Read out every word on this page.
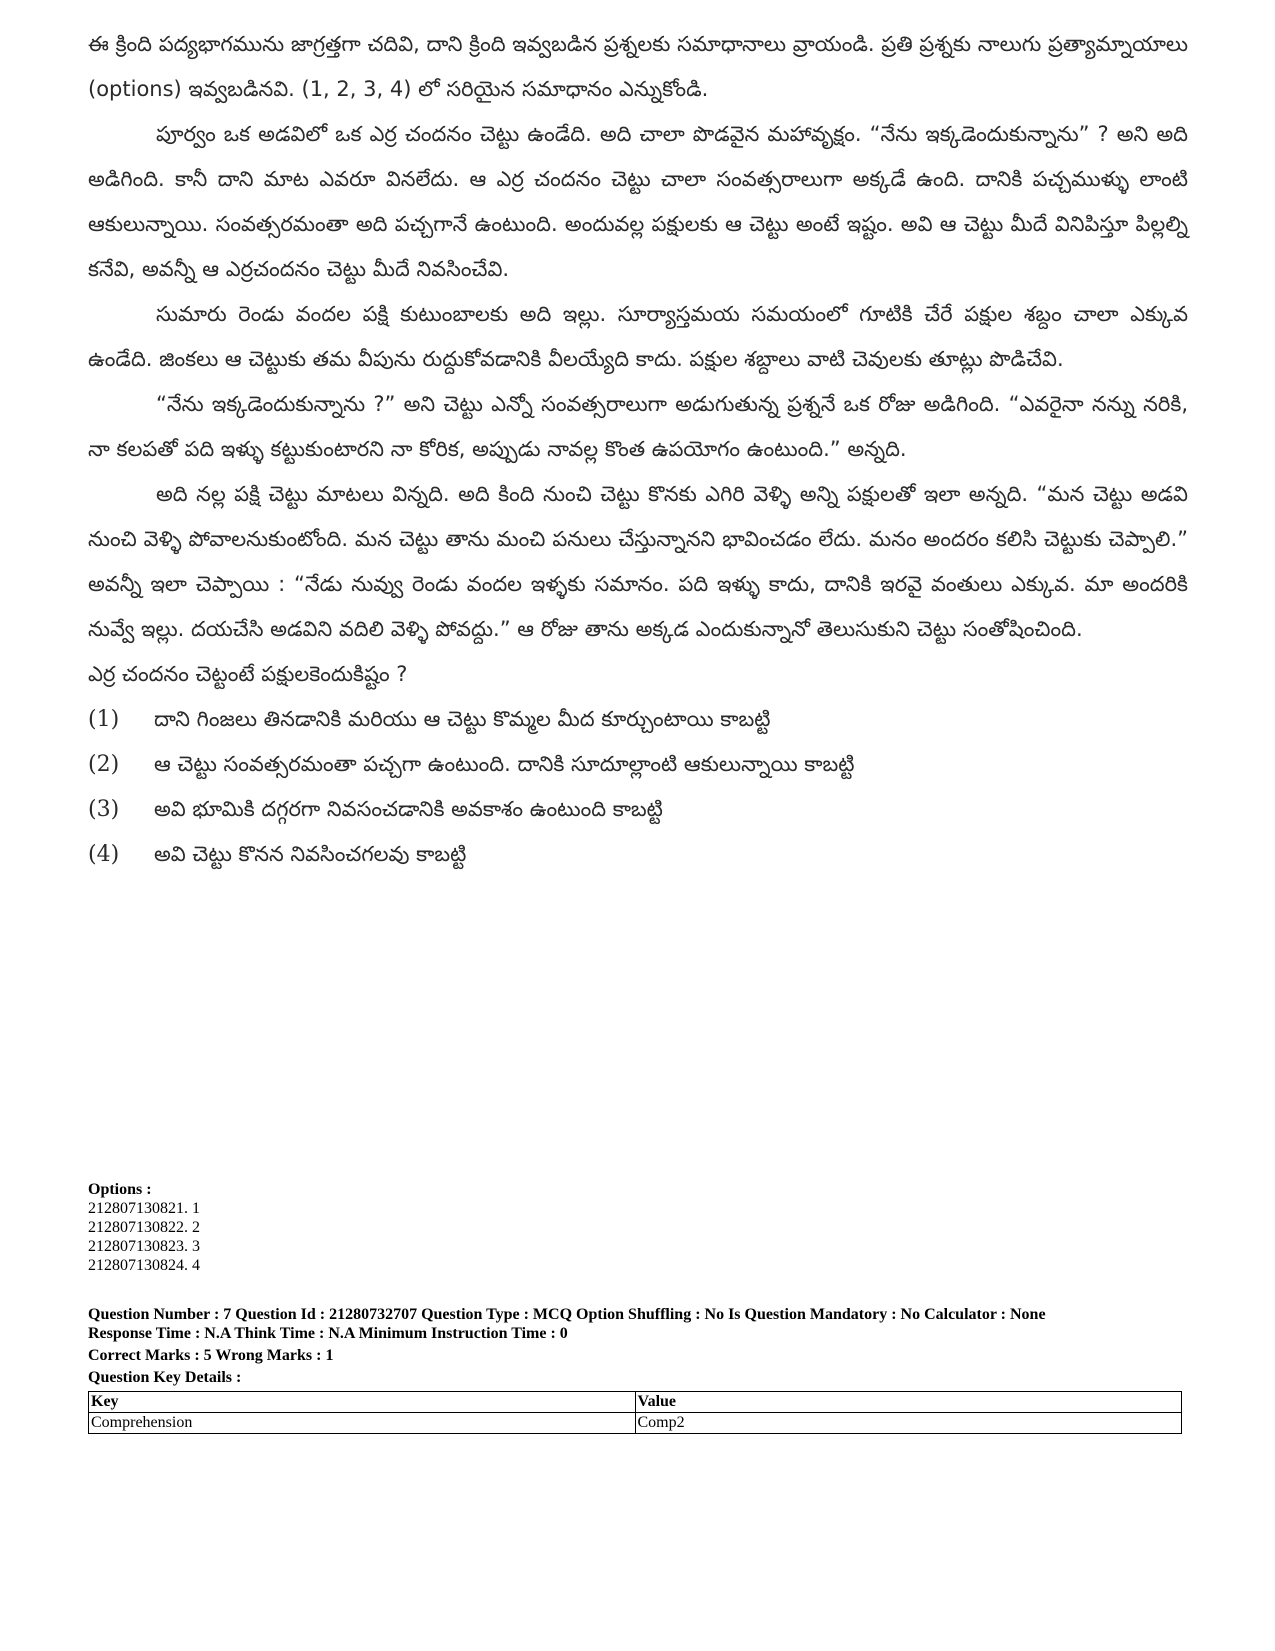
ఈ క్రింది పద్యభాగమును జాగ్రత్తగా చదివి, దాని క్రింది ఇవ్వబడిన ప్రశ్నలకు సమాధానాలు వ్రాయండి. ప్రతి ప్రశ్నకు నాలుగు ప్రత్యామ్నాయాలు (options) ఇవ్వబడినవి. (1, 2, 3, 4) లో సరియైన సమాధానం ఎన్నుకోండి.

పూర్వం ఒక అడవిలో ఒక ఎర్ర చందనం చెట్టు ఉండేది. అది చాలా పొడవైన మహావృక్షం. “నేను ఇక్కడెందుకున్నాను” ? అని అది అడిగింది. కానీ దాని మాట ఎవరూ వినలేదు. ఆ ఎర్ర చందనం చెట్టు చాలా సంవత్సరాలుగా అక్కడే ఉంది. దానికి పచ్చముళ్ళు లాంటి ఆకులున్నాయి. సంవత్సరమంతా అది పచ్చగానే ఉంటుంది. అందువల్ల పక్షులకు ఆ చెట్టు అంటే ఇష్టం. అవి ఆ చెట్టు మీదే వినిపిస్తూ పిల్లల్ని కనేవి, అవన్నీ ఆ ఎర్రచందనం చెట్టు మీదే నివసించేవి.

సుమారు రెండు వందల పక్షి కుటుంబాలకు అది ఇల్లు. సూర్యాస్తమయ సమయంలో గూటికి చేరే పక్షుల శబ్దం చాలా ఎక్కువ ఉండేది. జింకలు ఆ చెట్టుకు తమ వీపును రుద్దుకోవడానికి వీలయ్యేది కాదు. పక్షుల శబ్దాలు వాటి చెవులకు తూట్లు పొడిచేవి.

“నేను ఇక్కడెందుకున్నాను ?” అని చెట్టు ఎన్నో సంవత్సరాలుగా అడుగుతున్న ప్రశ్ననే ఒక రోజు అడిగింది. “ఎవరైనా నన్ను నరికి, నా కలపతో పది ఇళ్ళు కట్టుకుంటారని నా కోరిక, అప్పుడు నావల్ల కొంత ఉపయోగం ఉంటుంది.” అన్నది.

అది నల్ల పక్షి చెట్టు మాటలు విన్నది. అది కింది నుంచి చెట్టు కొనకు ఎగిరి వెళ్ళి అన్ని పక్షులతో ఇలా అన్నది. “మన చెట్టు అడవి నుంచి వెళ్ళి పోవాలనుకుంటోంది. మన చెట్టు తాను మంచి పనులు చేస్తున్నానని భావించడం లేదు. మనం అందరం కలిసి చెట్టుకు చెప్పాలి.” అవన్నీ ఇలా చెప్పాయి : “నేడు నువ్వు రెండు వందల ఇళ్ళకు సమానం. పది ఇళ్ళు కాదు, దానికి ఇరవై వంతులు ఎక్కువ. మా అందరికి నువ్వే ఇల్లు. దయచేసి అడవిని వదిలి వెళ్ళి పోవద్దు.” ఆ రోజు తాను అక్కడ ఎందుకున్నానో తెలుసుకుని చెట్టు సంతోషించింది.

ఎర్ర చందనం చెట్టంటే పక్షులకెందుకిష్టం ?

(1)	దాని గింజలు తినడానికి మరియు ఆ చెట్టు కొమ్మల మీద కూర్చుంటాయి కాబట్టి
(2)	ఆ చెట్టు సంవత్సరమంతా పచ్చగా ఉంటుంది. దానికి సూదూల్లాంటి ఆకులున్నాయి కాబట్టి
(3)	అవి భూమికి దగ్గరగా నివసంచడానికి అవకాశం ఉంటుంది కాబట్టి
(4)	అవి చెట్టు కొనన నివసించగలవు కాబట్టి
Options :
212807130821. 1
212807130822. 2
212807130823. 3
212807130824. 4
Question Number : 7 Question Id : 21280732707 Question Type : MCQ Option Shuffling : No Is Question Mandatory : No Calculator : None
Response Time : N.A Think Time : N.A Minimum Instruction Time : 0
Correct Marks : 5 Wrong Marks : 1
Question Key Details :
Key	Value
Comprehension	Comp2
